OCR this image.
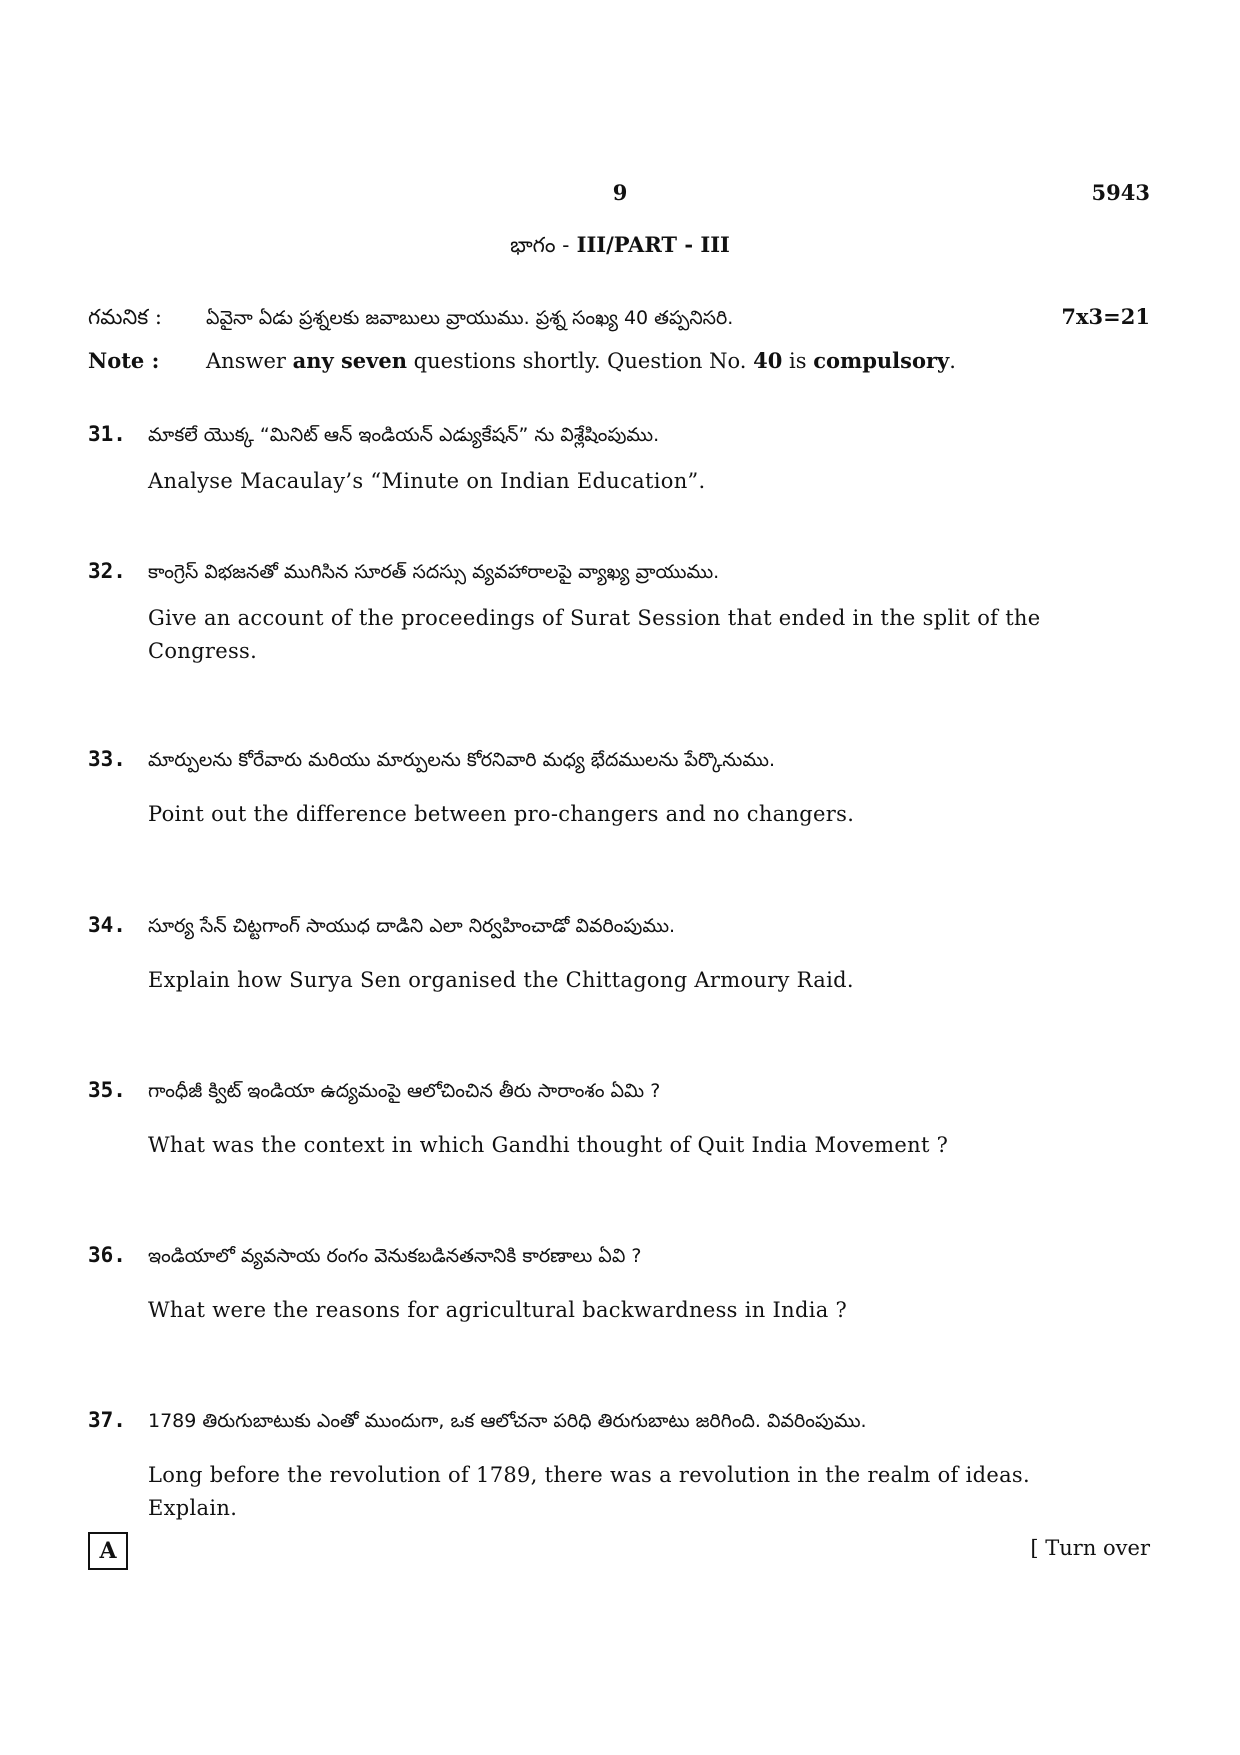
9	5943
భాగం - III/PART - III
గమనిక :	ఏవైనా ఏడు ప్రశ్నలకు జవాబులు వ్రాయుము. ప్రశ్న సంఖ్య 40 తప్పనిసరి.	7x3=21
Note :	Answer any seven questions shortly. Question No. 40 is compulsory.
31.	మాకలే యొక్క “మినిట్ ఆన్ ఇండియన్ ఎడ్యుకేషన్” ను విశ్లేషింపుము.
Analyse Macaulay’s “Minute on Indian Education”.
32.	కాంగ్రెస్ విభజనతో ముగిసిన సూరత్ సదస్సు వ్యవహారాలపై వ్యాఖ్య వ్రాయుము.
Give an account of the proceedings of Surat Session that ended in the split of the Congress.
33.	మార్పులను కోరేవారు మరియు మార్పులను కోరనివారి మధ్య భేదములను పేర్కొనుము.
Point out the difference between pro-changers and no changers.
34.	సూర్య సేన్ చిట్టగాంగ్ సాయుధ దాడిని ఎలా నిర్వహించాడో వివరింపుము.
Explain how Surya Sen organised the Chittagong Armoury Raid.
35.	గాంధీజీ క్విట్ ఇండియా ఉద్యమంపై ఆలోచించిన తీరు సారాంశం ఏమి ?
What was the context in which Gandhi thought of Quit India Movement ?
36.	ఇండియాలో వ్యవసాయ రంగం వెనుకబడినతనానికి కారణాలు ఏవి ?
What were the reasons for agricultural backwardness in India ?
37.	1789 తిరుగుబాటుకు ఎంతో ముందుగా, ఒక ఆలోచనా పరిధి తిరుగుబాటు జరిగింది. వివరింపుము.
Long before the revolution of 1789, there was a revolution in the realm of ideas. Explain.
A	[ Turn over
